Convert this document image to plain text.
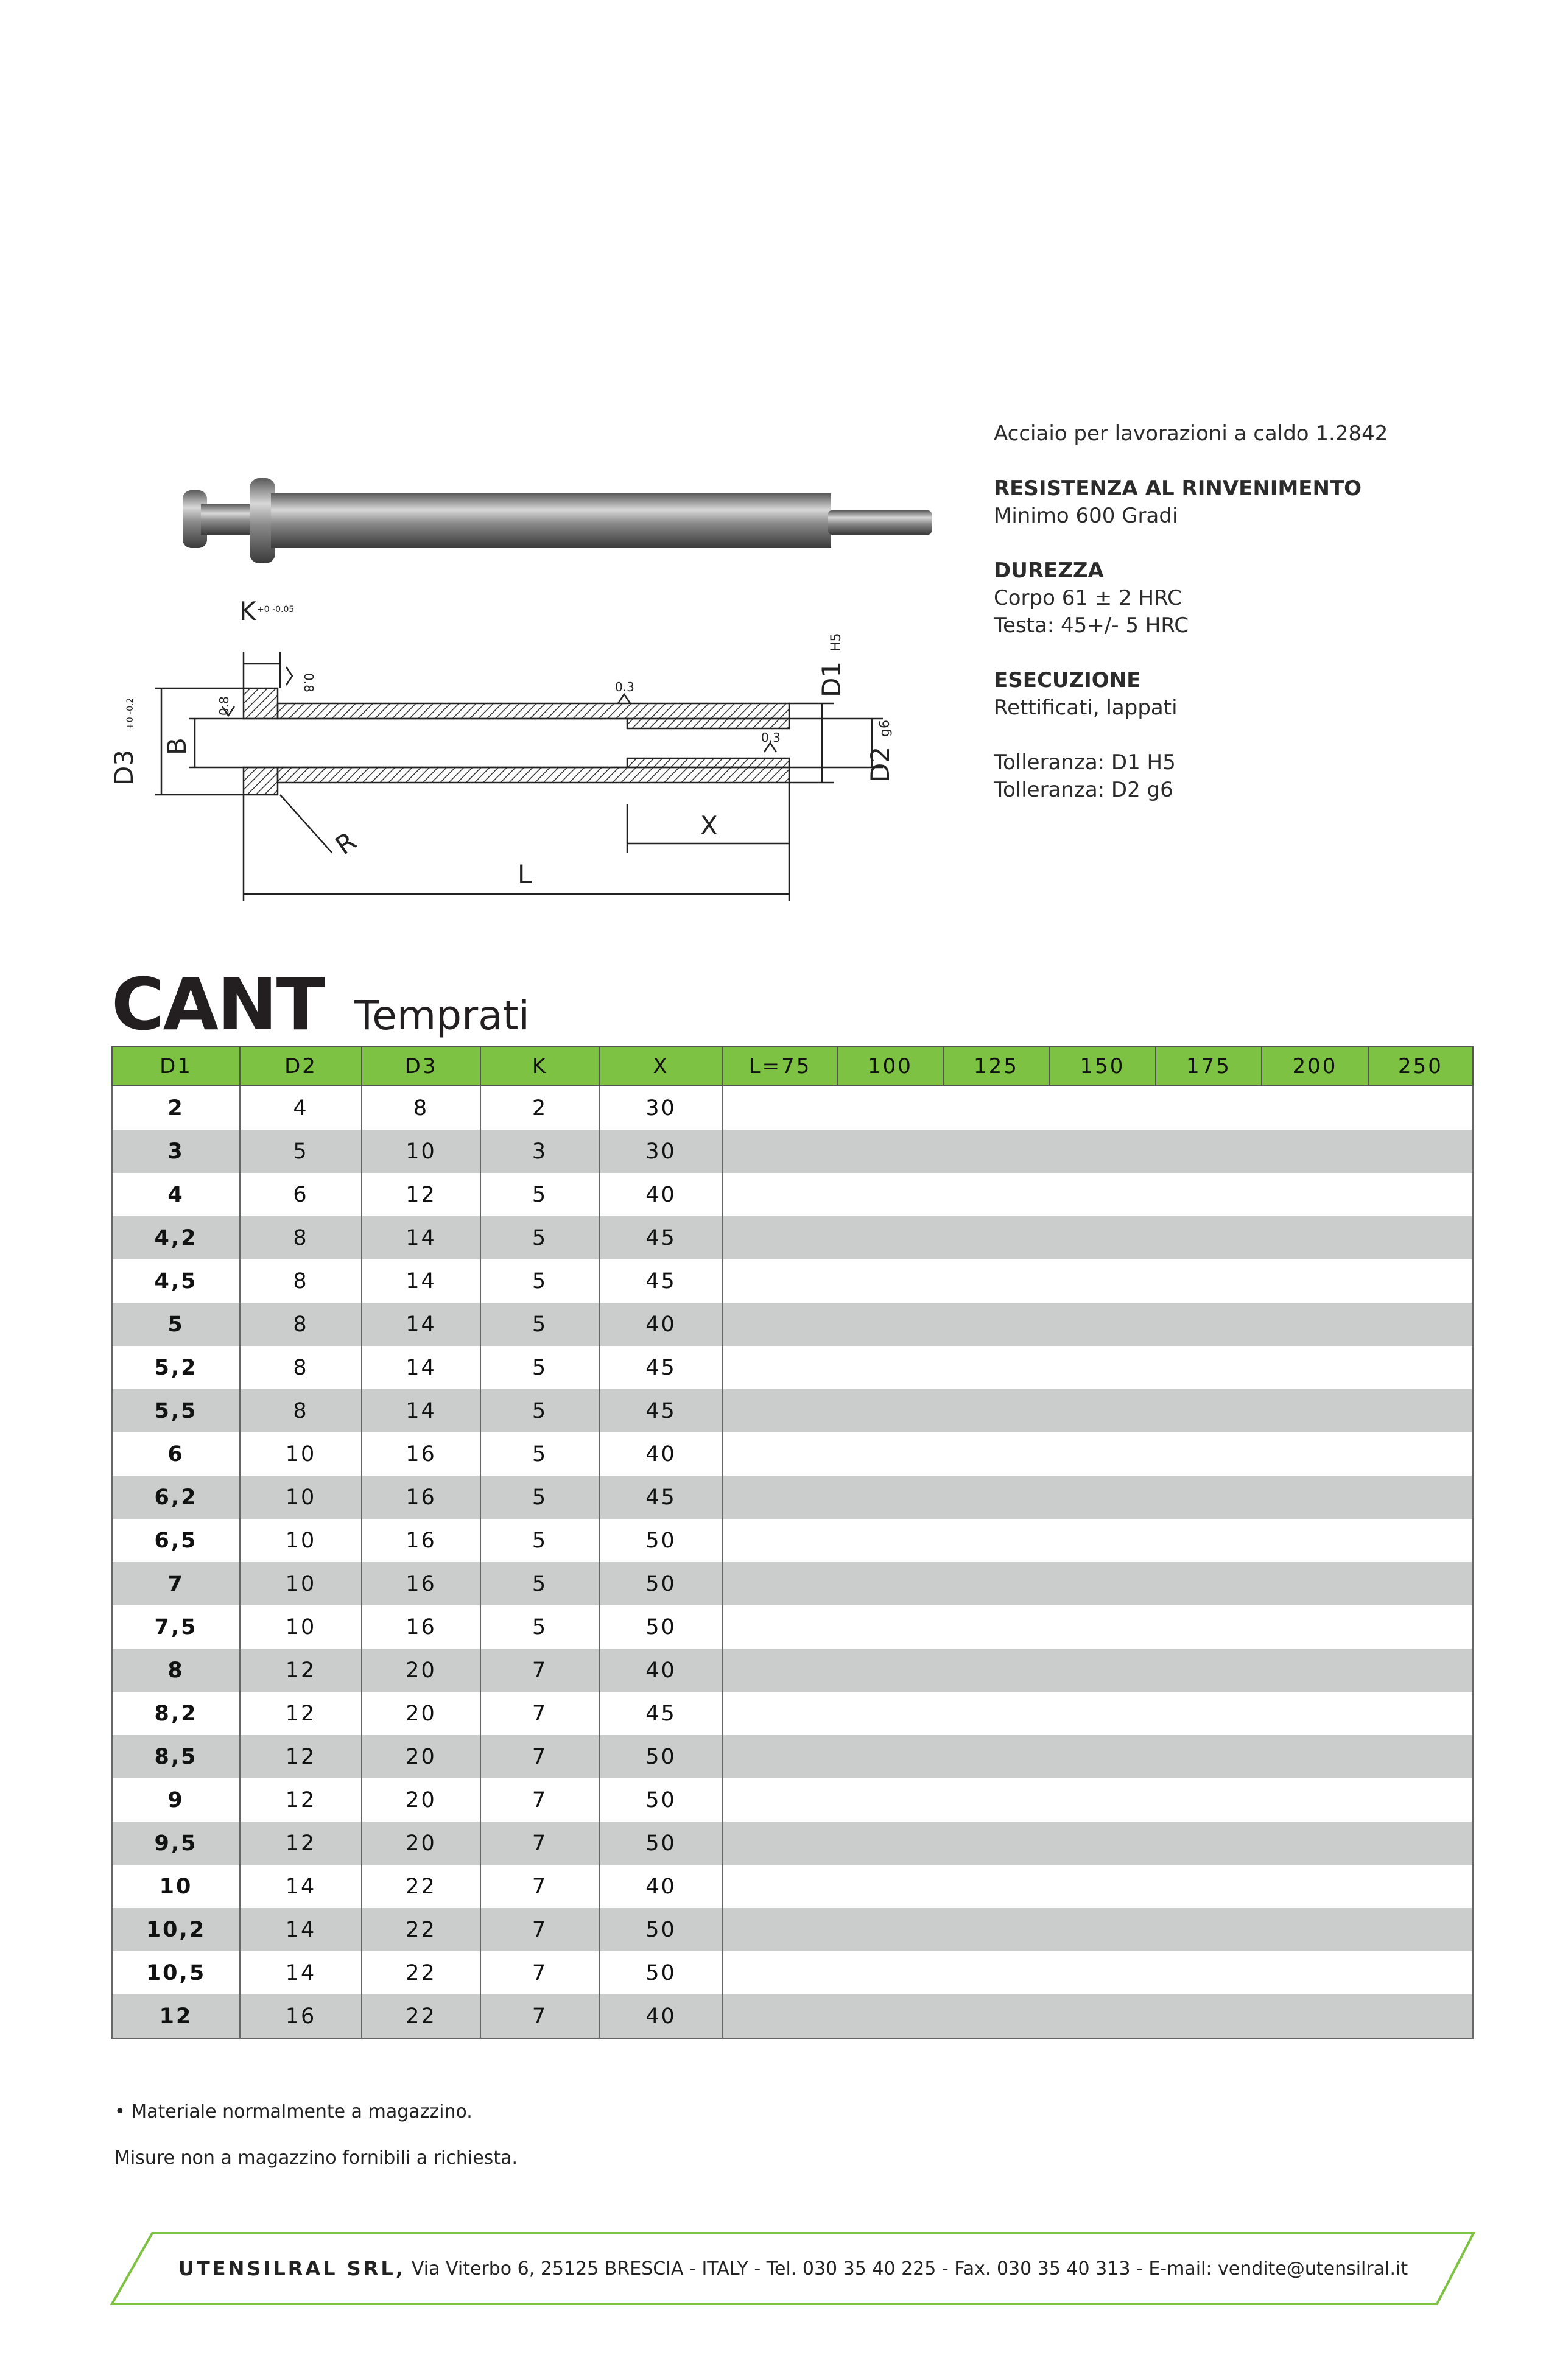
K +0 -0.05
D3
+0 -0.2
B
R
L
X
D1
H5
D2
g6
0.8
0.8	0.3
0.3

Acciaio per lavorazioni a caldo 1.2842

RESISTENZA AL RINVENIMENTO

Minimo 600 Gradi

DUREZZA

Corpo 61 ± 2 HRC

Testa: 45+/- 5 HRC

ESECUZIONE

Rettificati, lappati

Tolleranza: D1 H5

Tolleranza: D2 g6

CANT Temprati
D1	D2	D3	K	X	L=75	100	125	150	175	200	250
2	4	8	2	30							
3	5	10	3	30							
4	6	12	5	40							
4,2	8	14	5	45							
4,5	8	14	5	45							
5	8	14	5	40							
5,2	8	14	5	45							
5,5	8	14	5	45							
6	10	16	5	40							
6,2	10	16	5	45							
6,5	10	16	5	50							
7	10	16	5	50							
7,5	10	16	5	50							
8	12	20	7	40							
8,2	12	20	7	45							
8,5	12	20	7	50							
9	12	20	7	50							
9,5	12	20	7	50							
10	14	22	7	40							
10,2	14	22	7	50							
10,5	14	22	7	50							
12	16	22	7	40							

• Materiale normalmente a magazzino.

Misure non a magazzino fornibili a richiesta.

UTENSILRAL SRL, Via Viterbo 6, 25125 BRESCIA - ITALY - Tel. 030 35 40 225 - Fax. 030 35 40 313 - E-mail: vendite@utensilral.it
